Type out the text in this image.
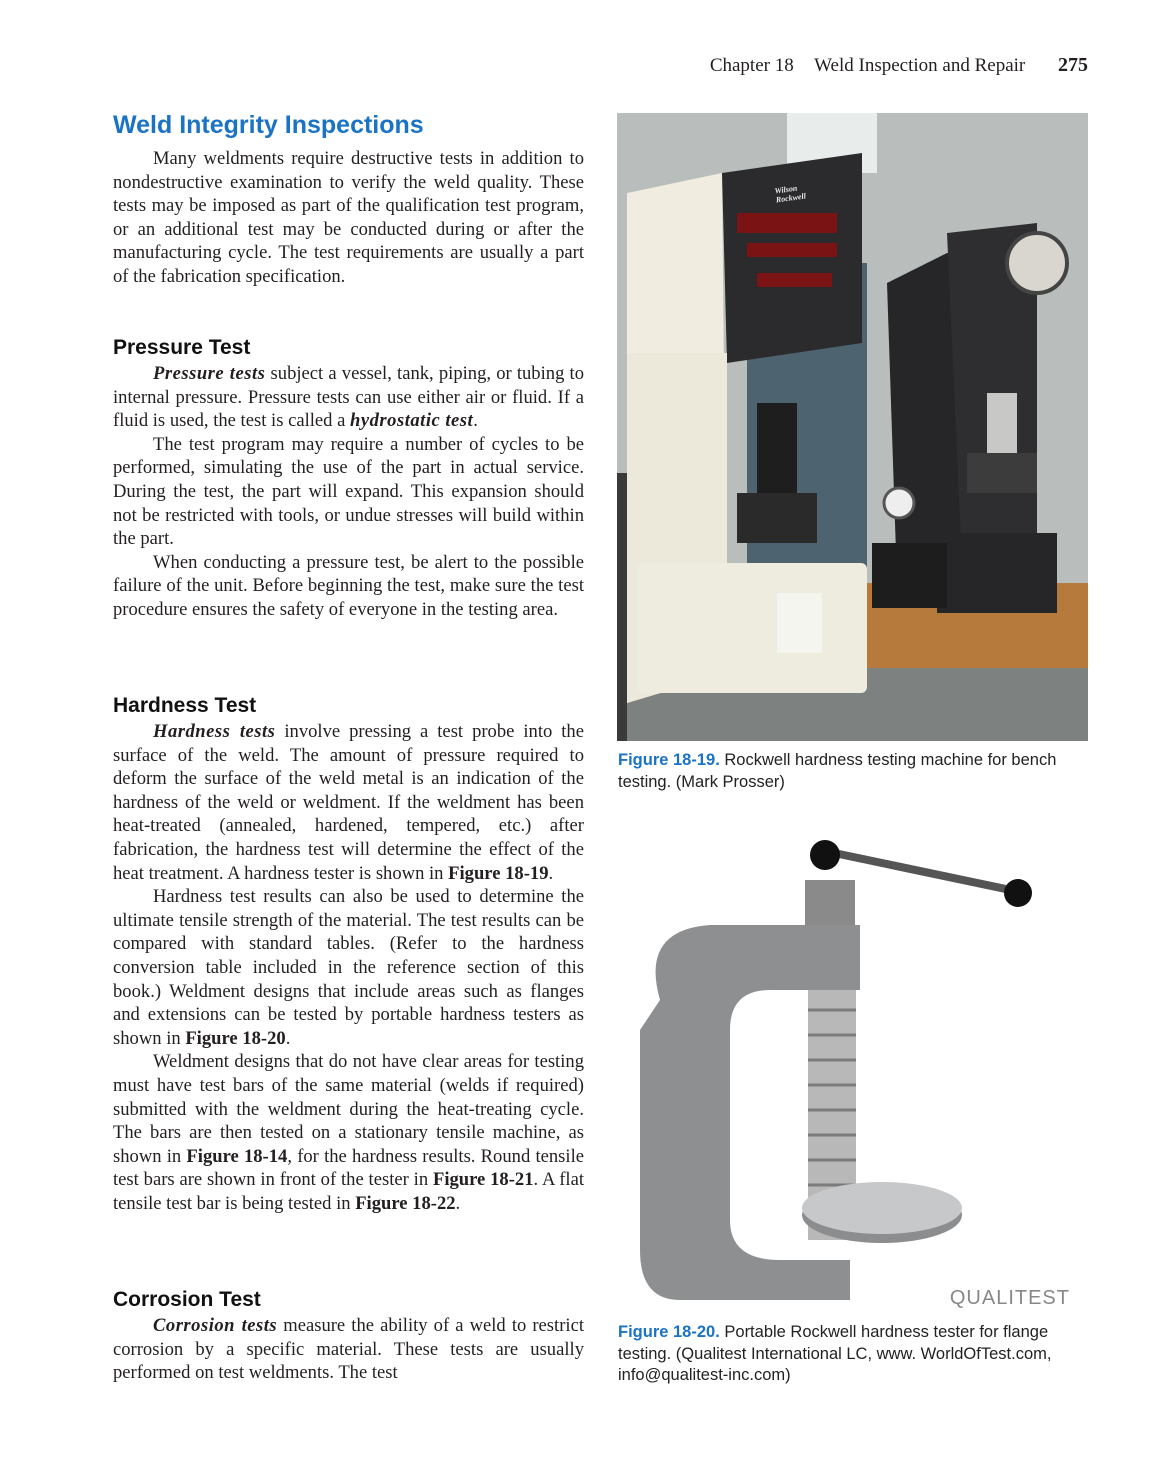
Chapter 18 Weld Inspection and Repair 275
Weld Integrity Inspections

Many weldments require destructive tests in addition to nondestructive examination to verify the weld quality. These tests may be imposed as part of the qualification test program, or an additional test may be conducted during or after the manufacturing cycle. The test requirements are usually a part of the fabrication specification.

Pressure Test

Pressure tests subject a vessel, tank, piping, or tubing to internal pressure. Pressure tests can use either air or fluid. If a fluid is used, the test is called a hydrostatic test.

The test program may require a number of cycles to be performed, simulating the use of the part in actual service. During the test, the part will expand. This expansion should not be restricted with tools, or undue stresses will build within the part.

When conducting a pressure test, be alert to the possible failure of the unit. Before beginning the test, make sure the test procedure ensures the safety of everyone in the testing area.

Hardness Test

Hardness tests involve pressing a test probe into the surface of the weld. The amount of pressure required to deform the surface of the weld metal is an indication of the hardness of the weld or weldment. If the weldment has been heat-treated (annealed, hardened, tempered, etc.) after fabrication, the hardness test will determine the effect of the heat treatment. A hardness tester is shown in Figure 18-19.

Hardness test results can also be used to determine the ultimate tensile strength of the material. The test results can be compared with standard tables. (Refer to the hardness conversion table included in the reference section of this book.) Weldment designs that include areas such as flanges and extensions can be tested by portable hardness testers as shown in Figure 18-20.

Weldment designs that do not have clear areas for testing must have test bars of the same material (welds if required) submitted with the weldment during the heat-treating cycle. The bars are then tested on a stationary tensile machine, as shown in Figure 18-14, for the hardness results. Round tensile test bars are shown in front of the tester in Figure 18-21. A flat tensile test bar is being tested in Figure 18-22.

Corrosion Test

Corrosion tests measure the ability of a weld to restrict corrosion by a specific material. These tests are usually performed on test weldments. The test

Wilson Rockwell
Figure 18-19. Rockwell hardness testing machine for bench testing. (Mark Prosser)
QUALITEST
Figure 18-20. Portable Rockwell hardness tester for flange testing. (Qualitest International LC, www. WorldOfTest.com, info@qualitest-inc.com)
